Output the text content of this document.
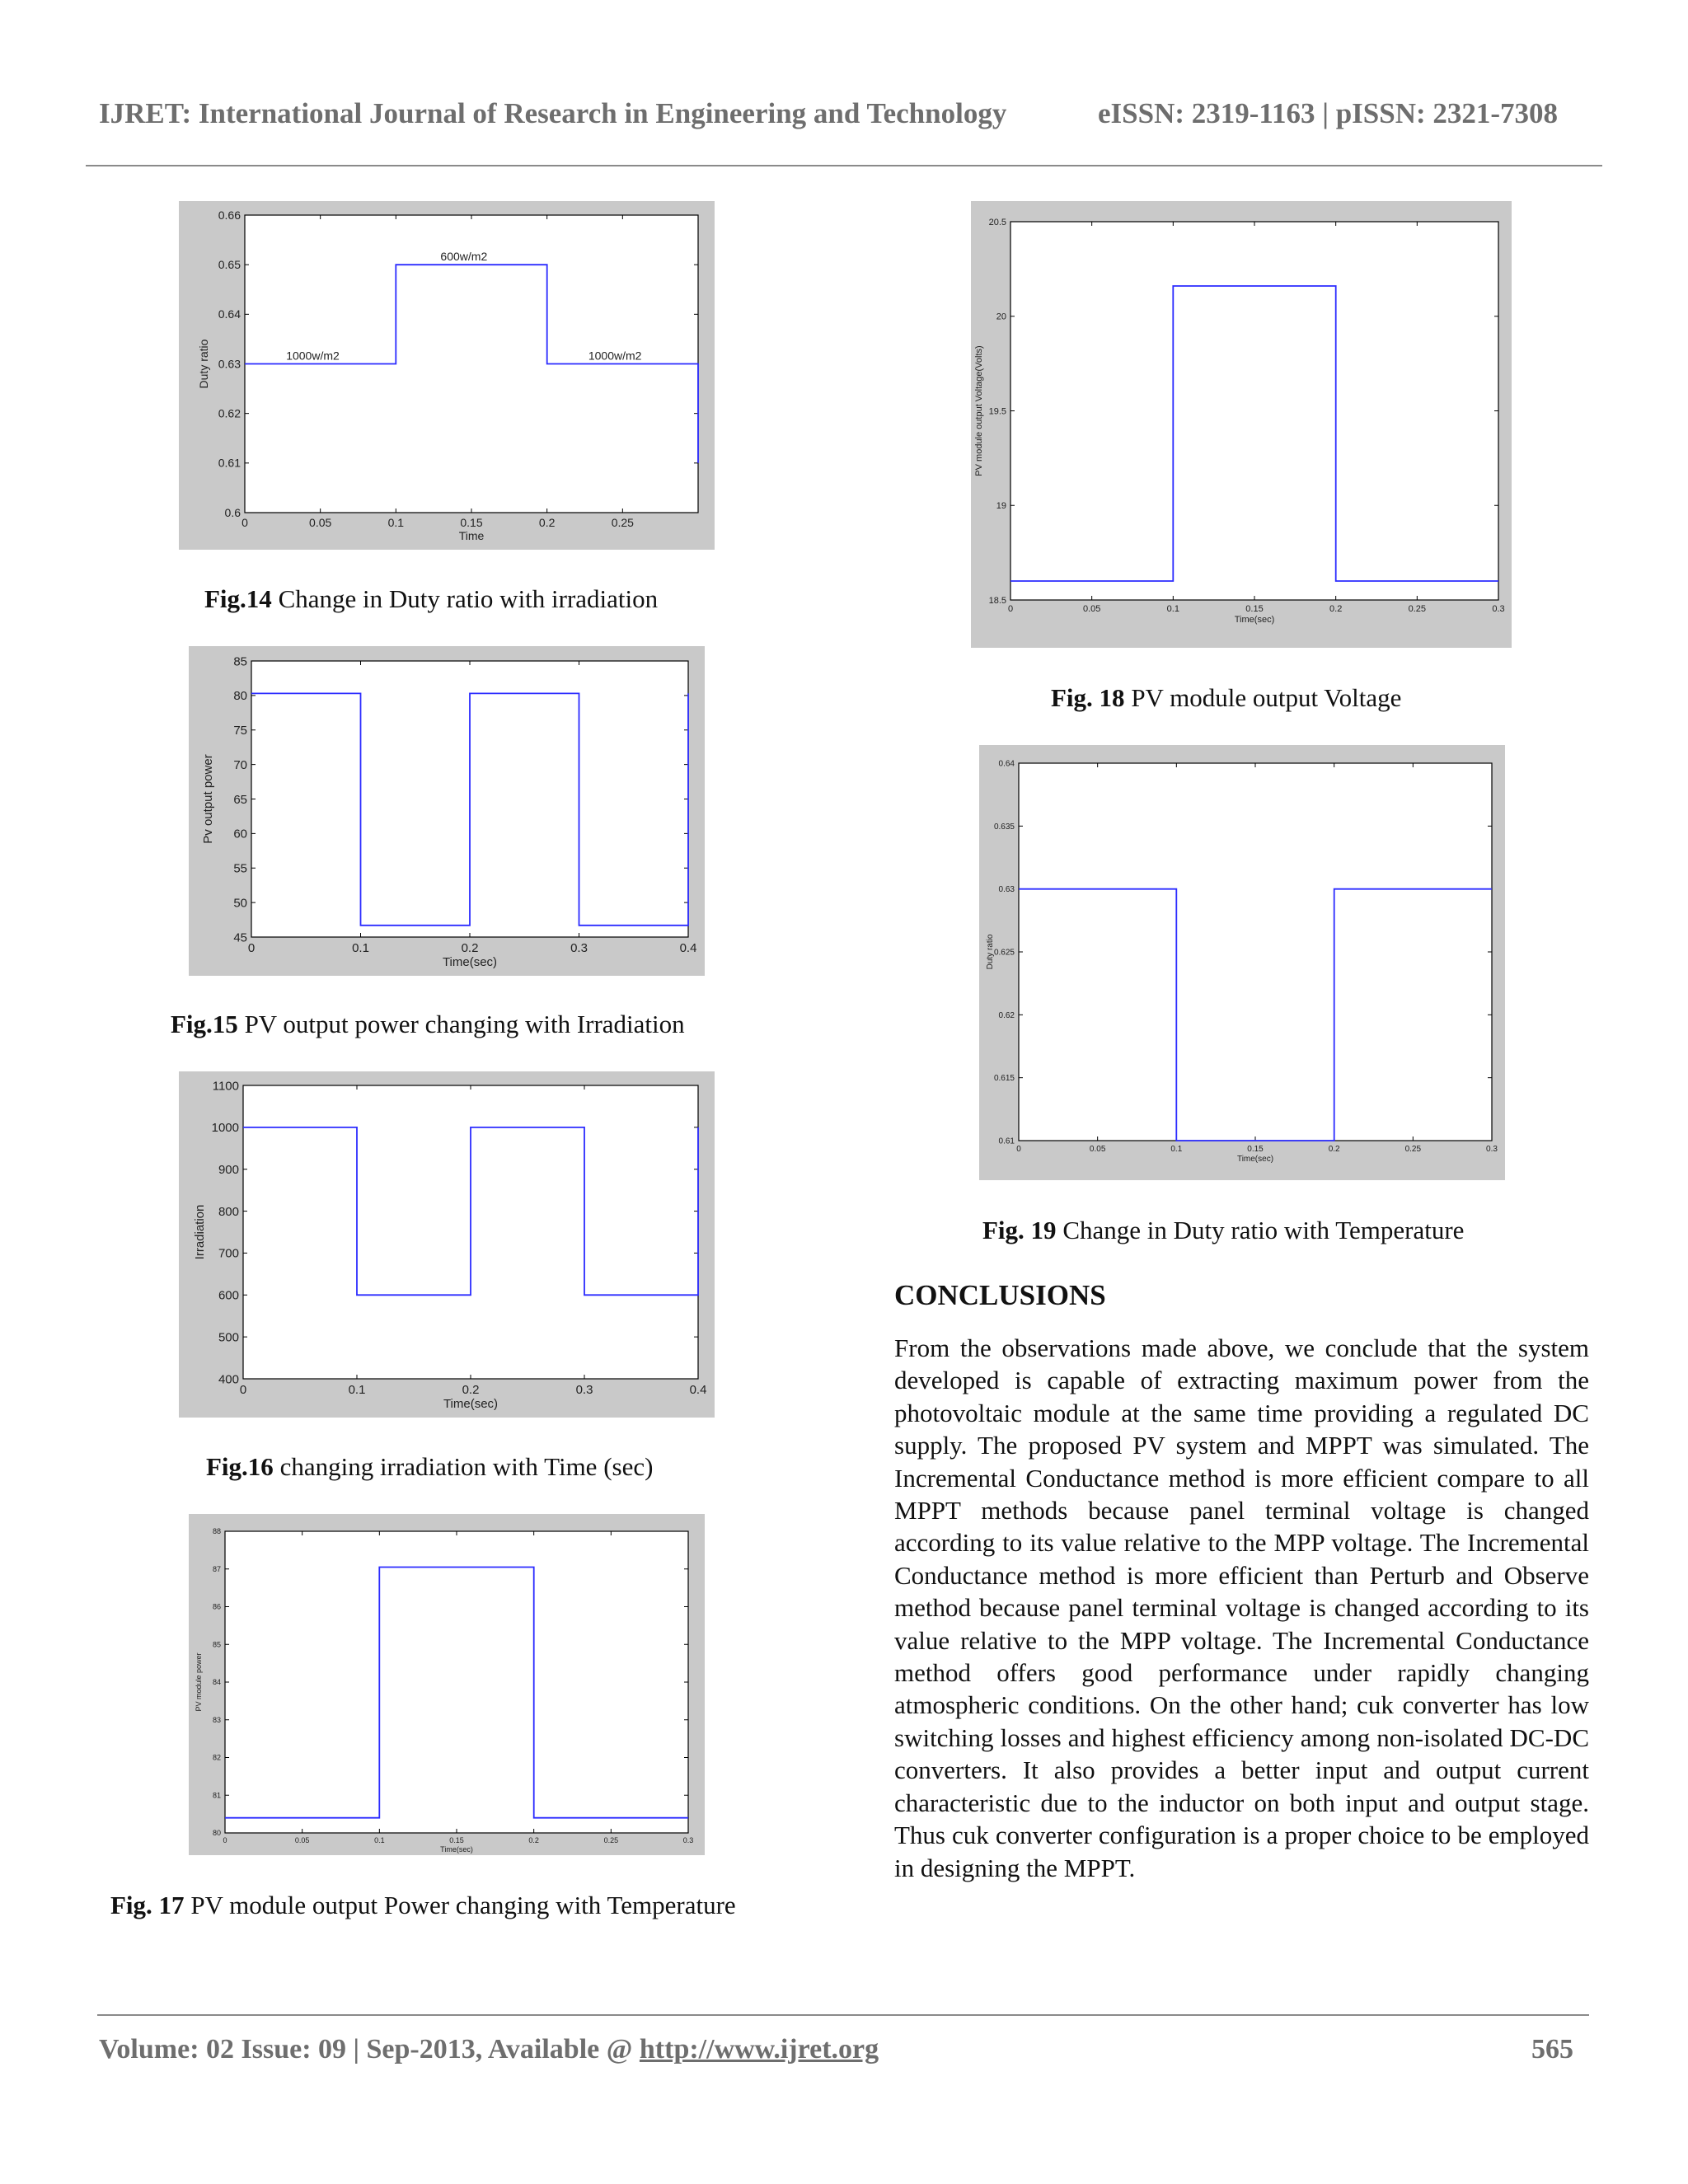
IJRET: International Journal of Research in Engineering and Technology	eISSN: 2319-1163 | pISSN: 2321-7308
0	0.05	0.1	0.15	0.2	0.25
0.6
0.61
0.62
0.63
0.64
0.65
0.66
Time
Duty ratio	1000w/m2
600w/m2
1000w/m2
Fig.14 Change in Duty ratio with irradiation
0	0.1	0.2	0.3	0.4
45
50
55
60
65
70
75
80
85
Time(sec)
Pv output power
Fig.15 PV output power changing with Irradiation
0	0.1	0.2	0.3	0.4
400
500
600
700
800
900
1000
1100
Time(sec)
Irradiation
Fig.16 changing irradiation with Time (sec)
0	0.05	0.1	0.15	0.2	0.25	0.3
80
81
82
83
84
85
86
87
88
Time(sec)
PV module power
Fig. 17 PV module output Power changing with Temperature
0	0.05	0.1	0.15	0.2	0.25	0.3
18.5
19
19.5
20
20.5
Time(sec)
PV module output Voltage(Volts)
Fig. 18 PV module output Voltage
0	0.05	0.1	0.15	0.2	0.25	0.3
0.61
0.615
0.62
0.625
0.63
0.635
0.64
Time(sec)
Duty ratio
Fig. 19 Change in Duty ratio with Temperature
CONCLUSIONS
From the observations made above, we conclude that the system developed is capable of extracting maximum power from the photovoltaic module at the same time providing a regulated DC supply. The proposed PV system and MPPT was simulated. The Incremental Conductance method is more efficient compare to all MPPT methods because panel terminal voltage is changed according to its value relative to the MPP voltage. The Incremental Conductance method is more efficient than Perturb and Observe method because panel terminal voltage is changed according to its value relative to the MPP voltage. The Incremental Conductance method offers good performance under rapidly changing atmospheric conditions. On the other hand; cuk converter has low switching losses and highest efficiency among non-isolated DC-DC converters. It also provides a better input and output current characteristic due to the inductor on both input and output stage. Thus cuk converter configuration is a proper choice to be employed in designing the MPPT.
Volume: 02 Issue: 09 | Sep-2013, Available @ http://www.ijret.org	565
